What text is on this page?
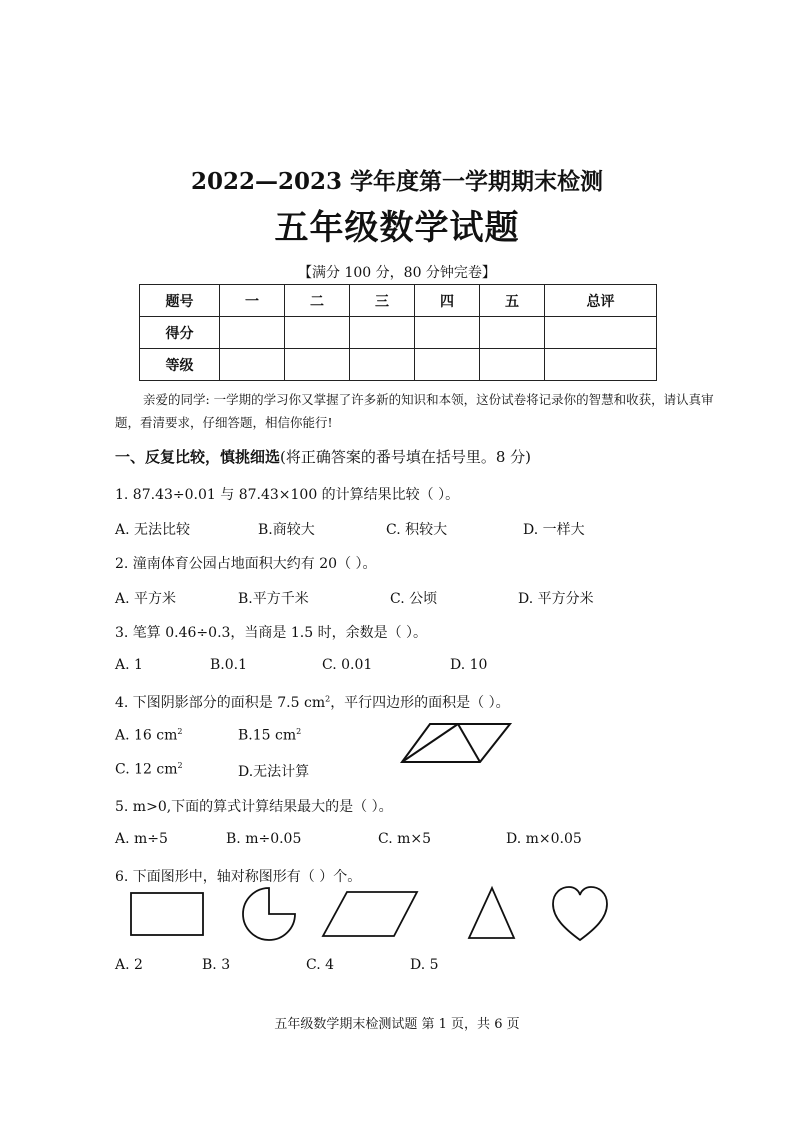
2022—2023 学年度第一学期期末检测
五年级数学试题
【满分 100 分，80 分钟完卷】
题号	一	二	三	四	五	总评
得分						
等级						
亲爱的同学: 一学期的学习你又掌握了许多新的知识和本领，这份试卷将记录你的智慧和收获，请认真审题，看清要求，仔细答题，相信你能行!
一、反复比较，慎挑细选(将正确答案的番号填在括号里。8 分)
1. 87.43÷0.01 与 87.43×100 的计算结果比较（ ）。
A. 无法比较	B.商较大	C. 积较大	D. 一样大
2. 潼南体育公园占地面积大约有 20（ ）。
A. 平方米	B.平方千米	C. 公顷	D. 平方分米
3. 笔算 0.46÷0.3，当商是 1.5 时，余数是（ ）。
A. 1	B.0.1	C. 0.01	D. 10
4. 下图阴影部分的面积是 7.5 $cm^2$，平行四边形的面积是（ ）。
A. 16 $cm^2$	B.15 $cm^2$
C. 12 $cm^2$	D.无法计算
5. m>0,下面的算式计算结果最大的是（ ）。
A. m÷5	B. m÷0.05	C. m×5	D. m×0.05
6. 下面图形中，轴对称图形有（ ）个。
A. 2	B. 3	C. 4	D. 5
五年级数学期末检测试题 第 1 页，共 6 页
